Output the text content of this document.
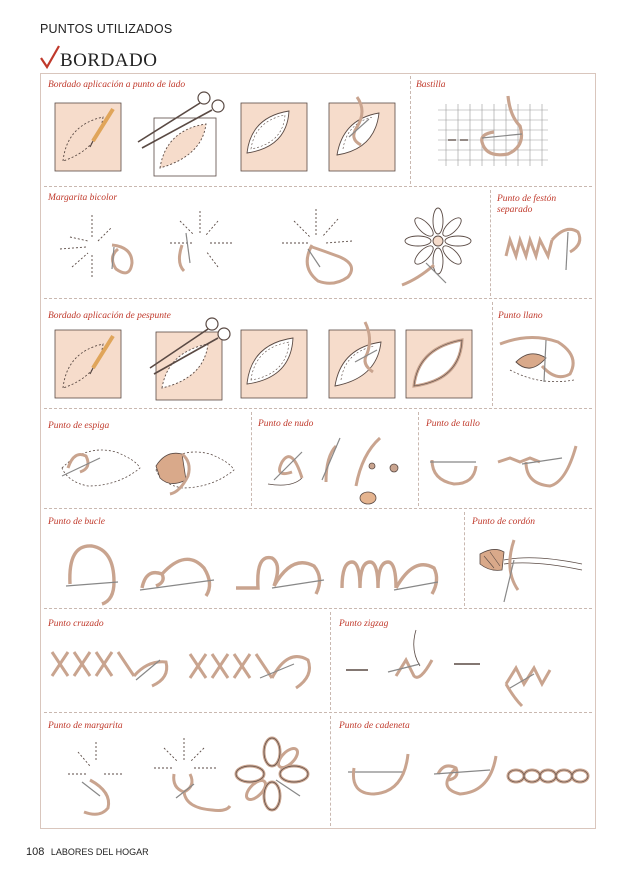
PUNTOS UTILIZADOS
BORDADO
Bordado aplicación a punto de lado	Bastilla
Margarita bicolor	Punto de festón separado
Bordado aplicación de pespunte	Punto llano
Punto de espiga	Punto de nudo	Punto de tallo
Punto de bucle	Punto de cordón
Punto cruzado	Punto zigzag
Punto de margarita	Punto de cadeneta
108 LABORES DEL HOGAR
